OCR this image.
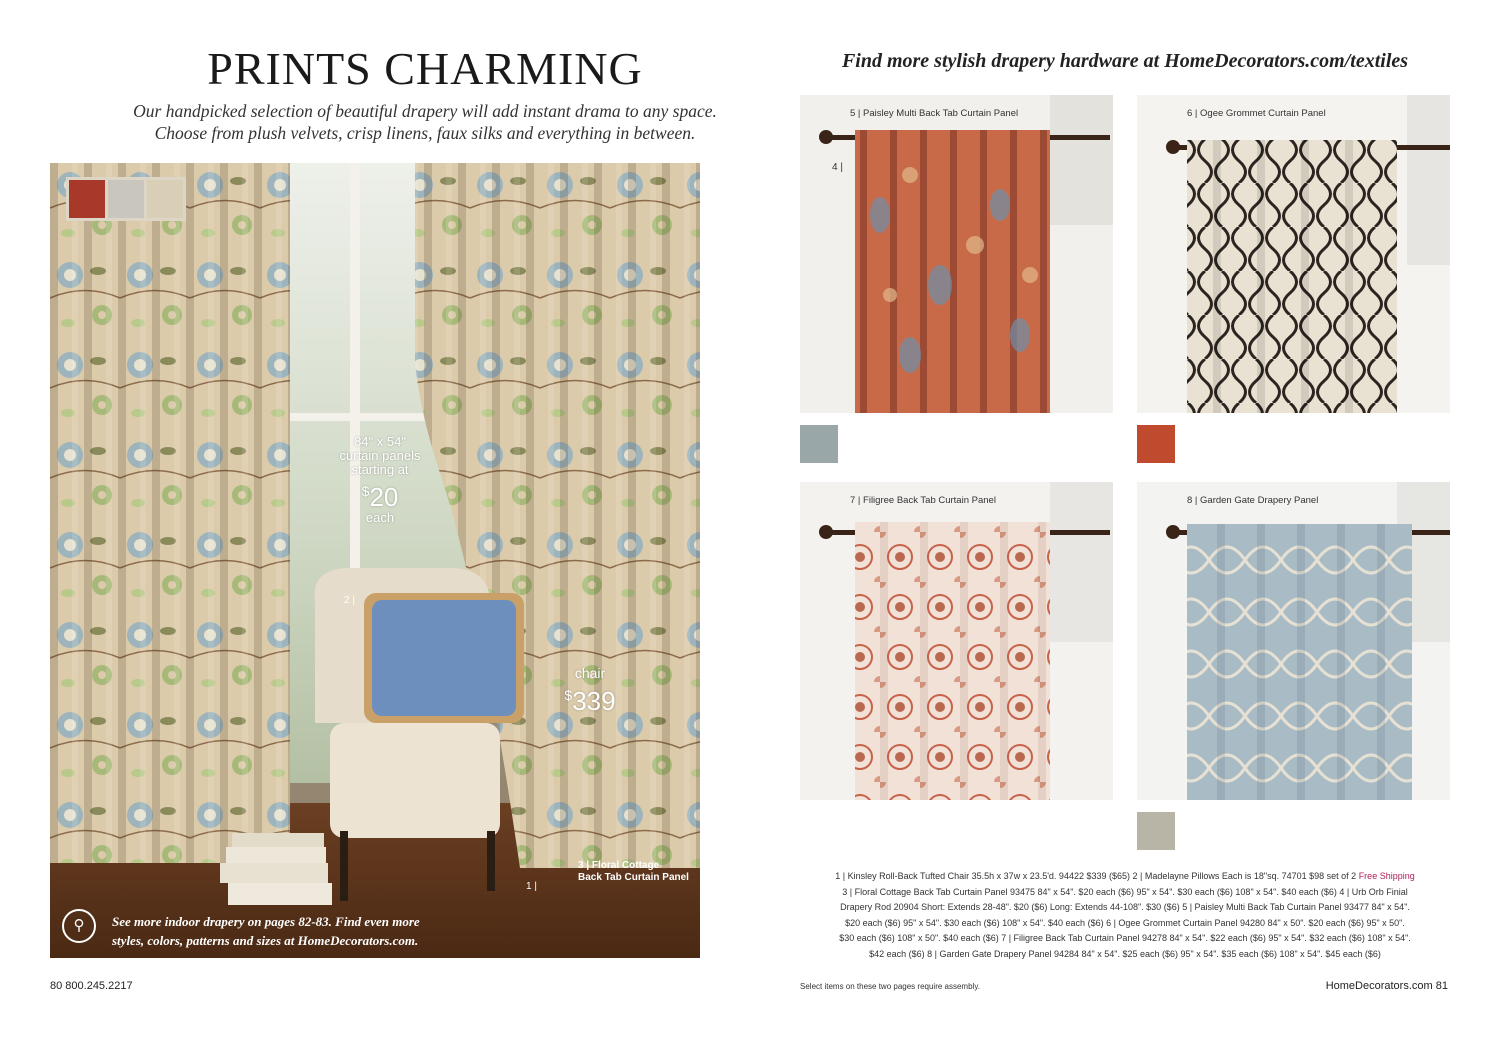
PRINTS CHARMING
Our handpicked selection of beautiful drapery will add instant drama to any space.
Choose from plush velvets, crisp linens, faux silks and everything in between.
84" x 54"
curtain panels
starting at
$20
each
2 |
chair
$339
3 | Floral Cottage
Back Tab Curtain Panel
1 |
⚲	See more indoor drapery on pages 82-83. Find even more
styles, colors, patterns and sizes at HomeDecorators.com.
80 800.245.2217
Find more stylish drapery hardware at HomeDecorators.com/textiles
5 | Paisley Multi Back Tab Curtain Panel
4 |
6 | Ogee Grommet Curtain Panel
7 | Filigree Back Tab Curtain Panel	8 | Garden Gate Drapery Panel
1 | Kinsley Roll-Back Tufted Chair 35.5h x 37w x 23.5'd. 94422 $339 ($65) 2 | Madelayne Pillows Each is 18"sq. 74701 $98 set of 2 Free Shipping
3 | Floral Cottage Back Tab Curtain Panel 93475 84" x 54". $20 each ($6) 95" x 54". $30 each ($6) 108" x 54". $40 each ($6) 4 | Urb Orb Finial
Drapery Rod 20904 Short: Extends 28-48". $20 ($6) Long: Extends 44-108". $30 ($6) 5 | Paisley Multi Back Tab Curtain Panel 93477 84" x 54".
$20 each ($6) 95" x 54". $30 each ($6) 108" x 54". $40 each ($6) 6 | Ogee Grommet Curtain Panel 94280 84" x 50". $20 each ($6) 95" x 50".
$30 each ($6) 108" x 50". $40 each ($6) 7 | Filigree Back Tab Curtain Panel 94278 84" x 54". $22 each ($6) 95" x 54". $32 each ($6) 108" x 54".
$42 each ($6) 8 | Garden Gate Drapery Panel 94284 84" x 54". $25 each ($6) 95" x 54". $35 each ($6) 108" x 54". $45 each ($6)
Select items on these two pages require assembly.	HomeDecorators.com 81
